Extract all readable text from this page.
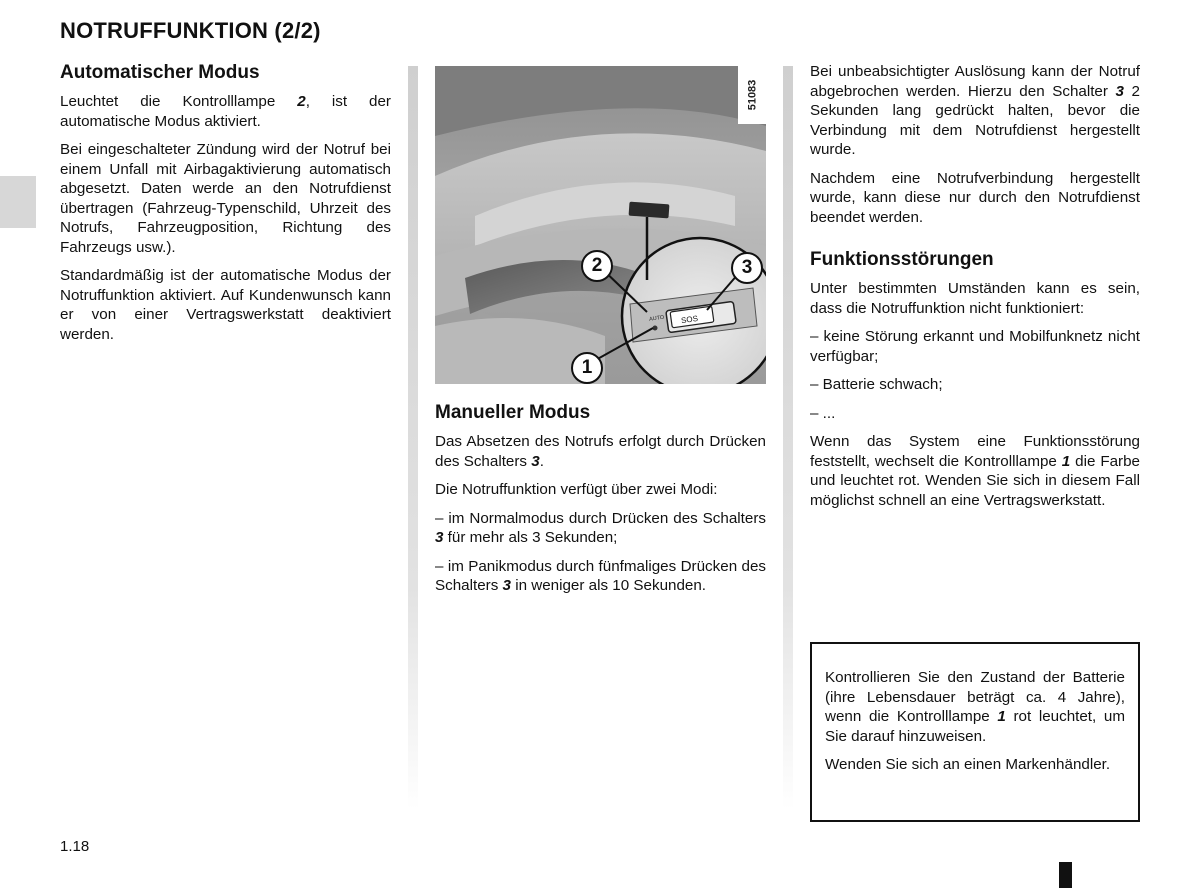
NOTRUFFUNKTION (2/2)
Automatischer Modus

Leuchtet die Kontrolllampe 2, ist der automatische Modus aktiviert.

Bei eingeschalteter Zündung wird der Notruf bei einem Unfall mit Airbagaktivierung automatisch abgesetzt. Daten werde an den Notrufdienst übertragen (Fahrzeug-Typenschild, Uhrzeit des Notrufs, Fahrzeugposition, Richtung des Fahrzeugs usw.).

Standardmäßig ist der automatische Modus der Notruffunktion aktiviert. Auf Kundenwunsch kann er von einer Vertragswerkstatt deaktiviert werden.

SOS
AUTO
51083
2	3
1
Manueller Modus

Das Absetzen des Notrufs erfolgt durch Drücken des Schalters 3.

Die Notruffunktion verfügt über zwei Modi:

– im Normalmodus durch Drücken des Schalters 3 für mehr als 3 Sekunden;

– im Panikmodus durch fünfmaliges Drücken des Schalters 3 in weniger als 10 Sekunden.

Bei unbeabsichtigter Auslösung kann der Notruf abgebrochen werden. Hierzu den Schalter 3 2 Sekunden lang gedrückt halten, bevor die Verbindung mit dem Notrufdienst hergestellt wurde.

Nachdem eine Notrufverbindung hergestellt wurde, kann diese nur durch den Notrufdienst beendet werden.

Funktionsstörungen

Unter bestimmten Umständen kann es sein, dass die Notruffunktion nicht funktioniert:

– keine Störung erkannt und Mobilfunknetz nicht verfügbar;

– Batterie schwach;

– ...

Wenn das System eine Funktionsstörung feststellt, wechselt die Kontrolllampe 1 die Farbe und leuchtet rot. Wenden Sie sich in diesem Fall möglichst schnell an eine Vertragswerkstatt.

Kontrollieren Sie den Zustand der Batterie (ihre Lebensdauer beträgt ca. 4 Jahre), wenn die Kontrolllampe 1 rot leuchtet, um Sie darauf hinzuweisen.

Wenden Sie sich an einen Markenhändler.

1.18
